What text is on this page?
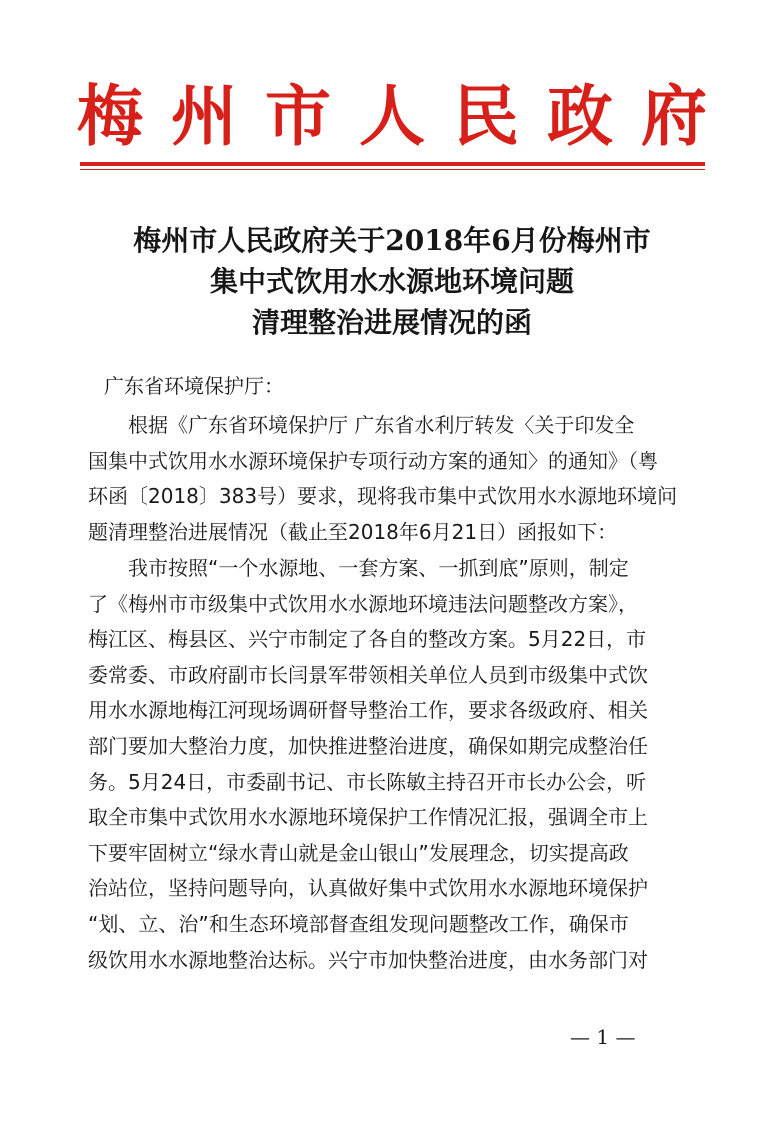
梅州市人民政府
梅州市人民政府关于2018年6月份梅州市
集中式饮用水水源地环境问题
清理整治进展情况的函
广东省环境保护厅：
根据《广东省环境保护厅 广东省水利厅转发〈关于印发全
国集中式饮用水水源环境保护专项行动方案的通知〉的通知》（粤
环函〔2018〕383号）要求，现将我市集中式饮用水水源地环境问
题清理整治进展情况（截止至2018年6月21日）函报如下：
我市按照“一个水源地、一套方案、一抓到底”原则，制定
了《梅州市市级集中式饮用水水源地环境违法问题整改方案》，
梅江区、梅县区、兴宁市制定了各自的整改方案。5月22日，市
委常委、市政府副市长闫景军带领相关单位人员到市级集中式饮
用水水源地梅江河现场调研督导整治工作，要求各级政府、相关
部门要加大整治力度，加快推进整治进度，确保如期完成整治任
务。5月24日，市委副书记、市长陈敏主持召开市长办公会，听
取全市集中式饮用水水源地环境保护工作情况汇报，强调全市上
下要牢固树立“绿水青山就是金山银山”发展理念，切实提高政
治站位，坚持问题导向，认真做好集中式饮用水水源地环境保护
“划、立、治”和生态环境部督查组发现问题整改工作，确保市
级饮用水水源地整治达标。兴宁市加快整治进度，由水务部门对
— 1 —
